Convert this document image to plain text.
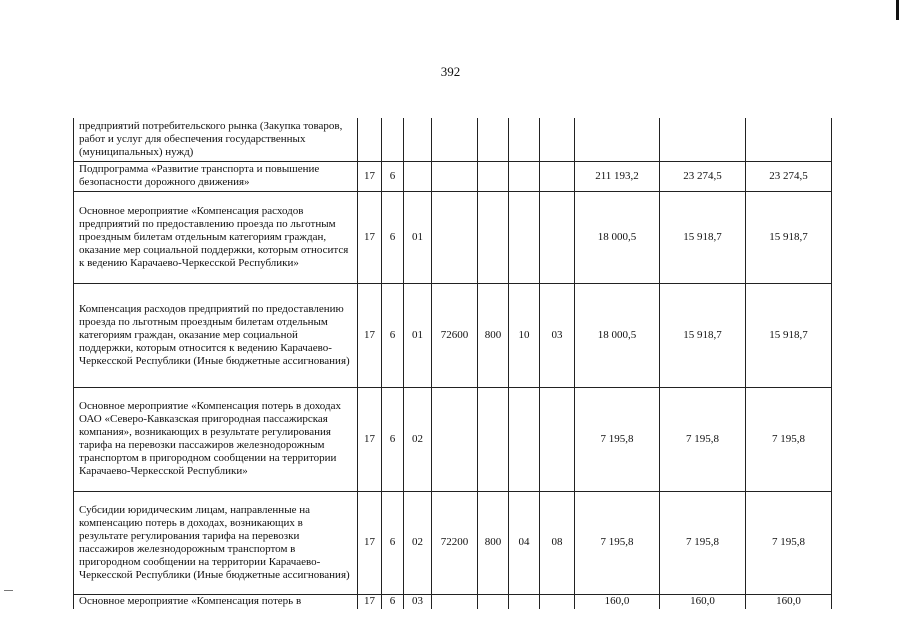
392
предприятий потребительского рынка (Закупка товаров, работ и услуг для обеспечения государственных (муниципальных) нужд)										
Подпрограмма «Развитие транспорта и повышение безопасности дорожного движения»	17	6						211 193,2	23 274,5	23 274,5
Основное мероприятие «Компенсация расходов предприятий по предоставлению проезда по льготным проездным билетам отдельным категориям граждан, оказание мер социальной поддержки, которым относится к ведению Карачаево-Черкесской Республики»	17	6	01					18 000,5	15 918,7	15 918,7
Компенсация расходов предприятий по предоставлению проезда по льготным проездным билетам отдельным категориям граждан, оказание мер социальной поддержки, которым относится к ведению Карачаево-Черкесской Республики (Иные бюджетные ассигнования)	17	6	01	72600	800	10	03	18 000,5	15 918,7	15 918,7
Основное мероприятие «Компенсация потерь в доходах ОАО «Северо-Кавказская пригородная пассажирская компания», возникающих в результате регулирования тарифа на перевозки пассажиров железнодорожным транспортом в пригородном сообщении на территории Карачаево-Черкесской Республики»	17	6	02					7 195,8	7 195,8	7 195,8
Субсидии юридическим лицам, направленные на компенсацию потерь в доходах, возникающих в результате регулирования тарифа на перевозки пассажиров железнодорожным транспортом в пригородном сообщении на территории Карачаево-Черкесской Республики (Иные бюджетные ассигнования)	17	6	02	72200	800	04	08	7 195,8	7 195,8	7 195,8
Основное мероприятие «Компенсация потерь в	17	6	03					160,0	160,0	160,0
